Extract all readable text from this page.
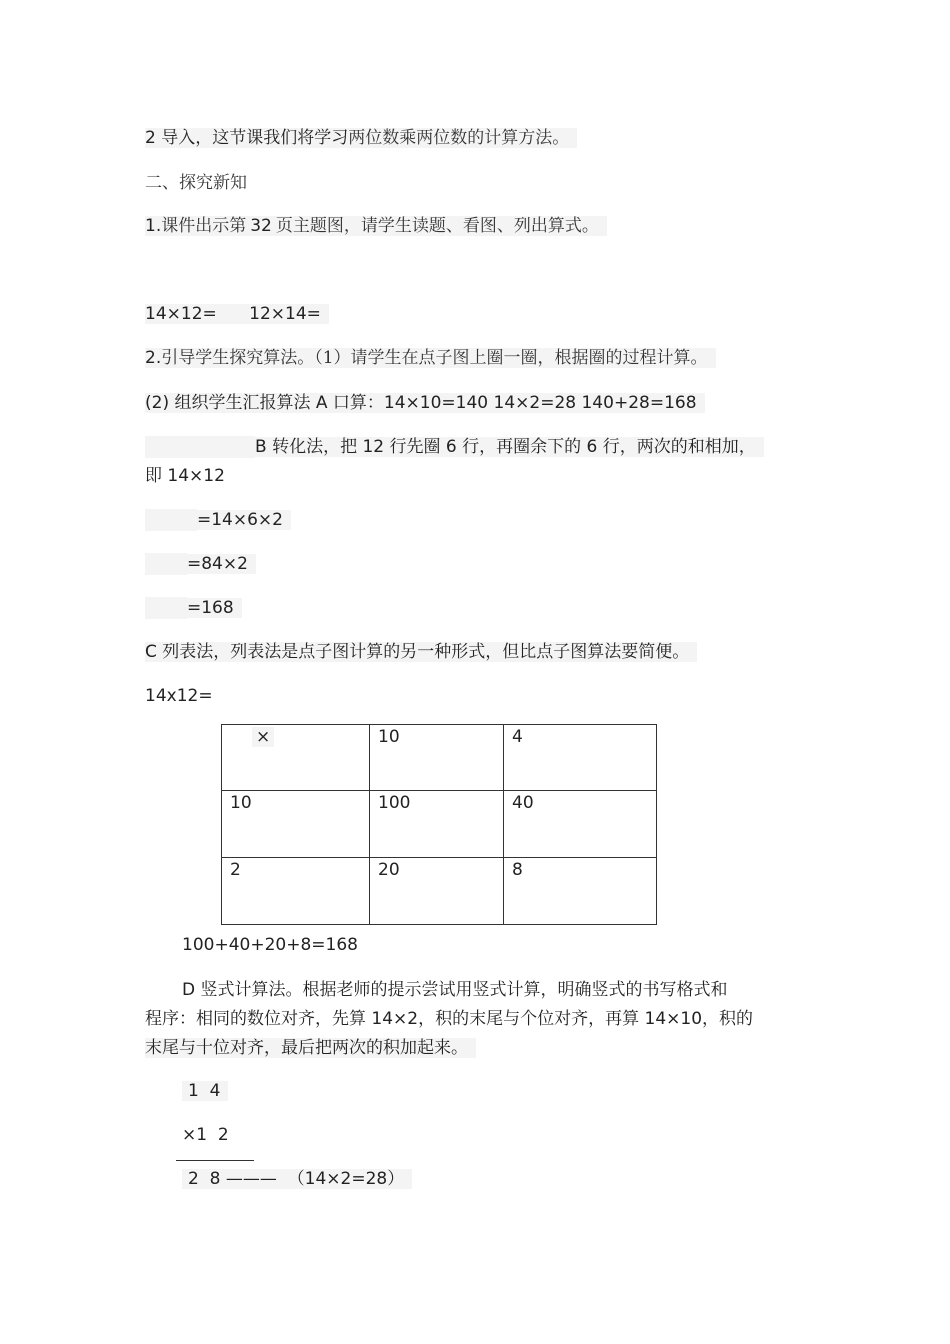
2 导入，这节课我们将学习两位数乘两位数的计算方法。
二、探究新知
1.课件出示第 32 页主题图，请学生读题、看图、列出算式。
14×12=      12×14=
2.引导学生探究算法。（1）请学生在点子图上圈一圈，根据圈的过程计算。
(2) 组织学生汇报算法 A 口算：14×10=140 14×2=28 140+28=168
B 转化法，把 12 行先圈 6 行，再圈余下的 6 行，两次的和相加，
即 14×12
=14×6×2
=84×2
=168
C 列表法，列表法是点子图计算的另一种形式，但比点子图算法要简便。
14x12=
×	10	4
10	100	40
2	20	8
100+40+20+8=168
D 竖式计算法。根据老师的提示尝试用竖式计算，明确竖式的书写格式和
程序：相同的数位对齐，先算 14×2，积的末尾与个位对齐，再算 14×10，积的
末尾与十位对齐，最后把两次的积加起来。
1  4
×1  2
2  8 ———  （14×2=28）
